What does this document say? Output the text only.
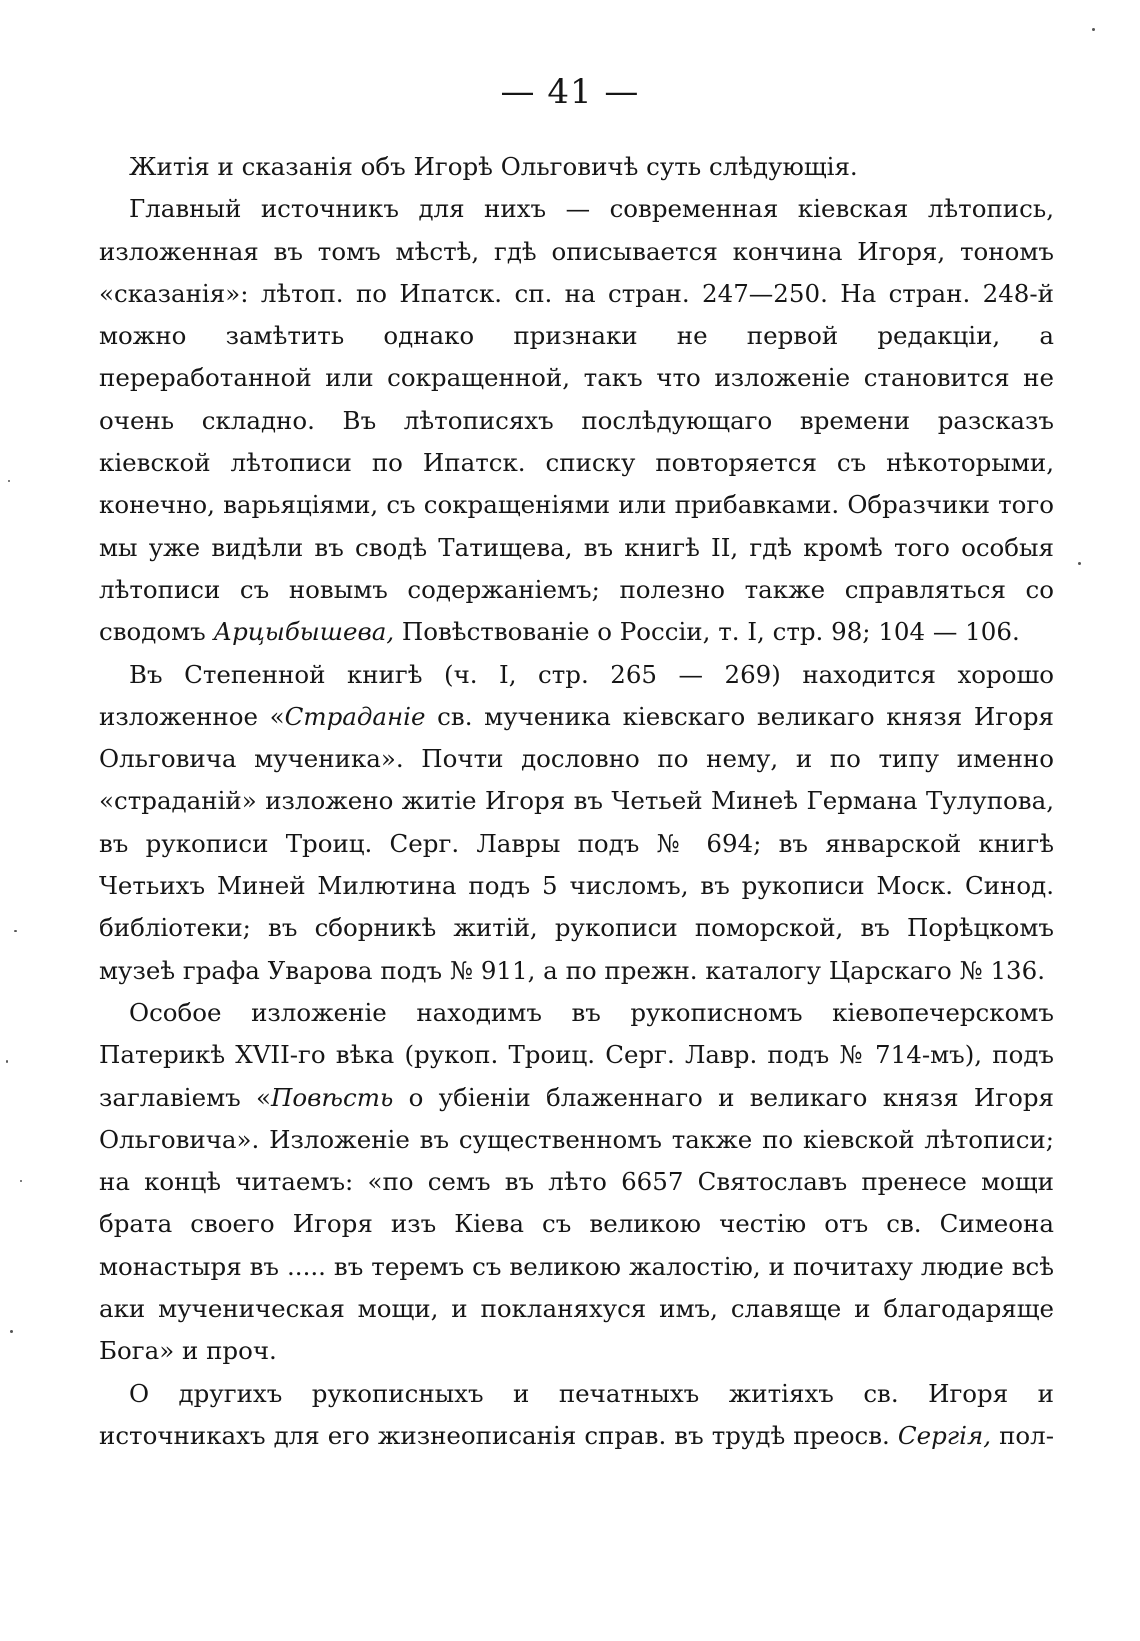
— 41 —

Житія и сказанія объ Игорѣ Ольговичѣ суть слѣдующія.

Главный источникъ для нихъ — современная кіевская лѣтопись, изложенная въ томъ мѣстѣ, гдѣ описывается кончина Игоря, тономъ «сказанія»: лѣтоп. по Ипатск. сп. на стран. 247—250. На стран. 248-й можно замѣтить однако признаки не первой редакціи, а переработанной или сокращенной, такъ что изложеніе становится не очень складно. Въ лѣтописяхъ послѣдующаго времени разсказъ кіевской лѣтописи по Ипатск. списку повторяется съ нѣкоторыми, конечно, варьяціями, съ сокращеніями или прибавками. Образчики того мы уже видѣли въ сводѣ Татищева, въ книгѣ II, гдѣ кромѣ того особыя лѣтописи съ новымъ содержаніемъ; полезно также справляться со сводомъ Арцыбышева, Повѣствованіе о Россіи, т. I, стр. 98; 104 — 106.

Въ Степенной книгѣ (ч. I, стр. 265 — 269) находится хорошо изложенное «Страданіе св. мученика кіевскаго великаго князя Игоря Ольговича мученика». Почти дословно по нему, и по типу именно «страданій» изложено житіе Игоря въ Четьей Минеѣ Германа Тулупова, въ рукописи Троиц. Серг. Лавры подъ № 694; въ январской книгѣ Четьихъ Миней Милютина подъ 5 числомъ, въ рукописи Моск. Синод. библіотеки; въ сборникѣ житій, рукописи поморской, въ Порѣцкомъ музеѣ графа Уварова подъ № 911, а по прежн. каталогу Царскаго № 136.

Особое изложеніе находимъ въ рукописномъ кіевопечерскомъ Патерикѣ XVII-го вѣка (рукоп. Троиц. Серг. Лавр. подъ № 714-мъ), подъ заглавіемъ «Повѣсть о убіеніи блаженнаго и великаго князя Игоря Ольговича». Изложеніе въ существенномъ также по кіевской лѣтописи; на концѣ читаемъ: «по семъ въ лѣто 6657 Святославъ пренесе мощи брата своего Игоря изъ Кіева съ великою честію отъ св. Симеона монастыря въ ..... въ теремъ съ великою жалостію, и почитаху людие всѣ аки мученическая мощи, и покланяхуся имъ, славяще и благодаряще Бога» и проч.

О другихъ рукописныхъ и печатныхъ житіяхъ св. Игоря и источникахъ для его жизнеописанія справ. въ трудѣ преосв. Сергія, пол-
